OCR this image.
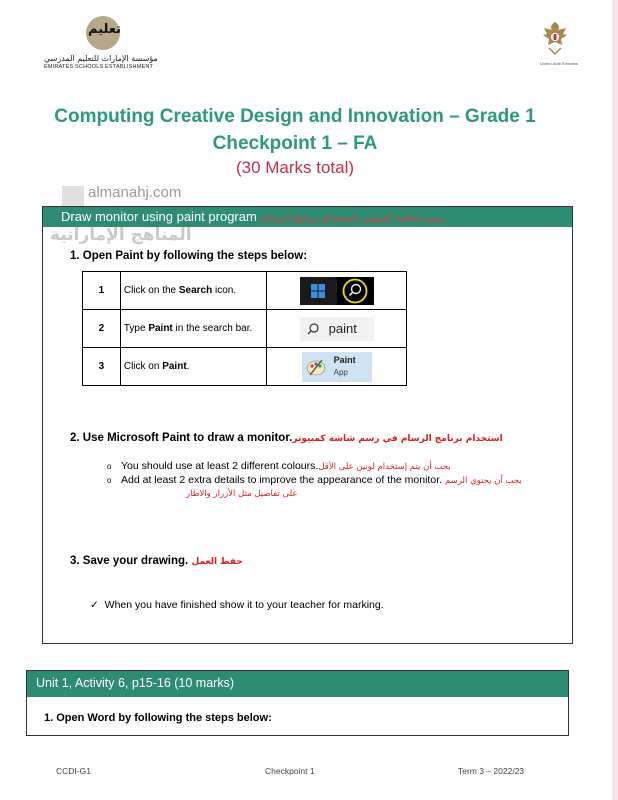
تعليم
مؤسسة الإمارات للتعليم المدرسي
EMIRATES SCHOOLS ESTABLISHMENT
United Arab Emirates
Computing Creative Design and Innovation – Grade 1
Checkpoint 1 – FA
(30 Marks total)
almanahj.com
Draw monitor using paint program رسم شاشة كمبيوتر باستخدام برنامج الرسام
1. Open Paint by following the steps below:
1	Click on the Search icon.	

2	Type Paint in the search bar.	paint

3	Click on Paint.	Paint
App
2. Use Microsoft Paint to draw a monitor.استخدام برنامج الرسام في رسم شاشة كمبيوتر
o You should use at least 2 different colours.يجب أن يتم إستخدام لونين على الأقل
o Add at least 2 extra details to improve the appearance of the monitor. يجب أن يحتوي الرسم
على تفاصيل مثل الأزرار والاطار
3. Save your drawing. حفظ العمل
✓ When you have finished show it to your teacher for marking.
المناهج الإماراتية
Unit 1, Activity 6, p15-16 (10 marks)
1. Open Word by following the steps below:
CCDI-G1	Checkpoint 1	Term 3 – 2022/23
